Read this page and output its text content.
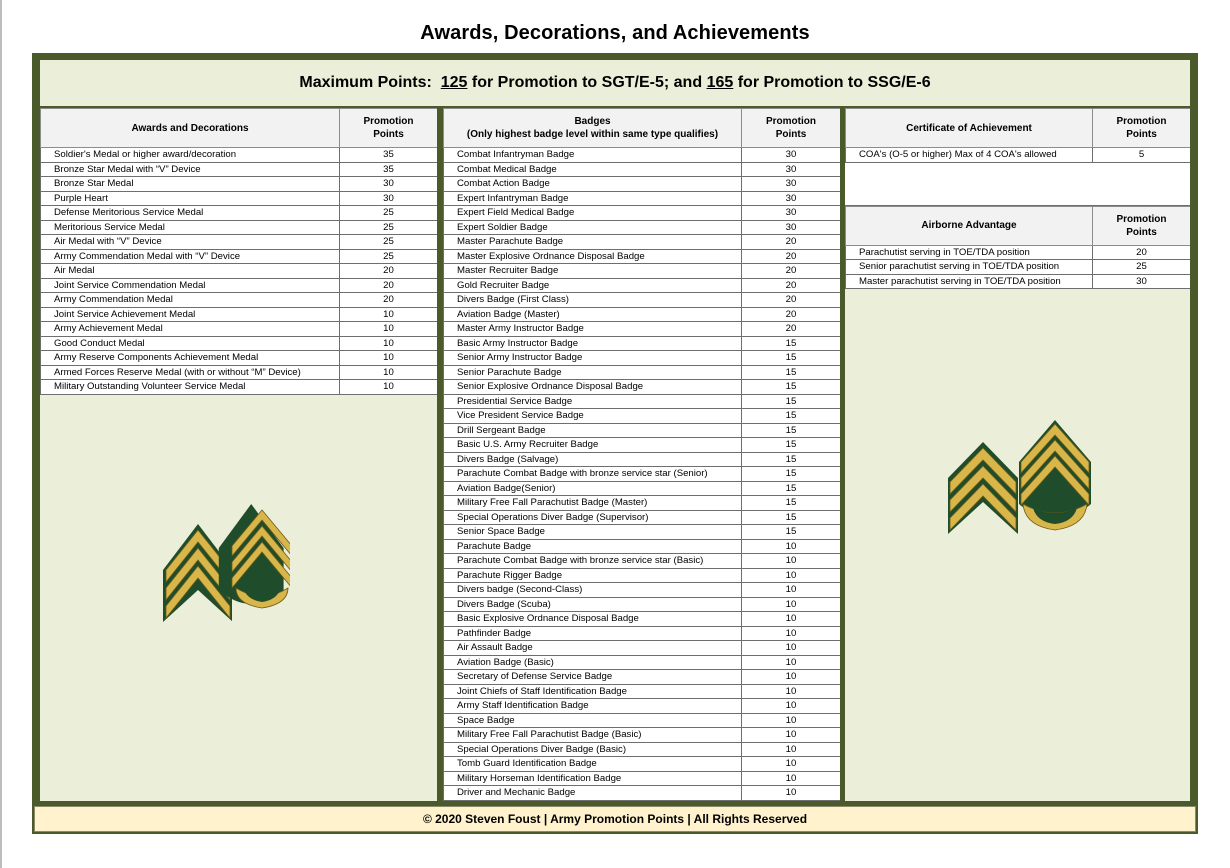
Awards, Decorations, and Achievements
Maximum Points: 125 for Promotion to SGT/E-5; and 165 for Promotion to SSG/E-6
Awards and Decorations	Promotion
Points
Soldier's Medal or higher award/decoration	35
Bronze Star Medal with “V” Device	35
Bronze Star Medal	30
Purple Heart	30
Defense Meritorious Service Medal	25
Meritorious Service Medal	25
Air Medal with “V” Device	25
Army Commendation Medal with “V” Device	25
Air Medal	20
Joint Service Commendation Medal	20
Army Commendation Medal	20
Joint Service Achievement Medal	10
Army Achievement Medal	10
Good Conduct Medal	10
Army Reserve Components Achievement Medal	10
Armed Forces Reserve Medal (with or without “M” Device)	10
Military Outstanding Volunteer Service Medal	10
Badges
(Only highest badge level within same type qualifies)	Promotion
Points
Combat Infantryman Badge	30
Combat Medical Badge	30
Combat Action Badge	30
Expert Infantryman Badge	30
Expert Field Medical Badge	30
Expert Soldier Badge	30
Master Parachute Badge	20
Master Explosive Ordnance Disposal Badge	20
Master Recruiter Badge	20
Gold Recruiter Badge	20
Divers Badge (First Class)	20
Aviation Badge (Master)	20
Master Army Instructor Badge	20
Basic Army Instructor Badge	15
Senior Army Instructor Badge	15
Senior Parachute Badge	15
Senior Explosive Ordnance Disposal Badge	15
Presidential Service Badge	15
Vice President Service Badge	15
Drill Sergeant Badge	15
Basic U.S. Army Recruiter Badge	15
Divers Badge (Salvage)	15
Parachute Combat Badge with bronze service star (Senior)	15
Aviation Badge(Senior)	15
Military Free Fall Parachutist Badge (Master)	15
Special Operations Diver Badge (Supervisor)	15
Senior Space Badge	15
Parachute Badge	10
Parachute Combat Badge with bronze service star (Basic)	10
Parachute Rigger Badge	10
Divers badge (Second-Class)	10
Divers Badge (Scuba)	10
Basic Explosive Ordnance Disposal Badge	10
Pathfinder Badge	10
Air Assault Badge	10
Aviation Badge (Basic)	10
Secretary of Defense Service Badge	10
Joint Chiefs of Staff Identification Badge	10
Army Staff Identification Badge	10
Space Badge	10
Military Free Fall Parachutist Badge (Basic)	10
Special Operations Diver Badge (Basic)	10
Tomb Guard Identification Badge	10
Military Horseman Identification Badge	10
Driver and Mechanic Badge	10
Certificate of Achievement	Promotion
Points
COA's (O-5 or higher) Max of 4 COA's allowed	5
Airborne Advantage	Promotion
Points
Parachutist serving in TOE/TDA position	20
Senior parachutist serving in TOE/TDA position	25
Master parachutist serving in TOE/TDA position	30
© 2020 Steven Foust | Army Promotion Points | All Rights Reserved
